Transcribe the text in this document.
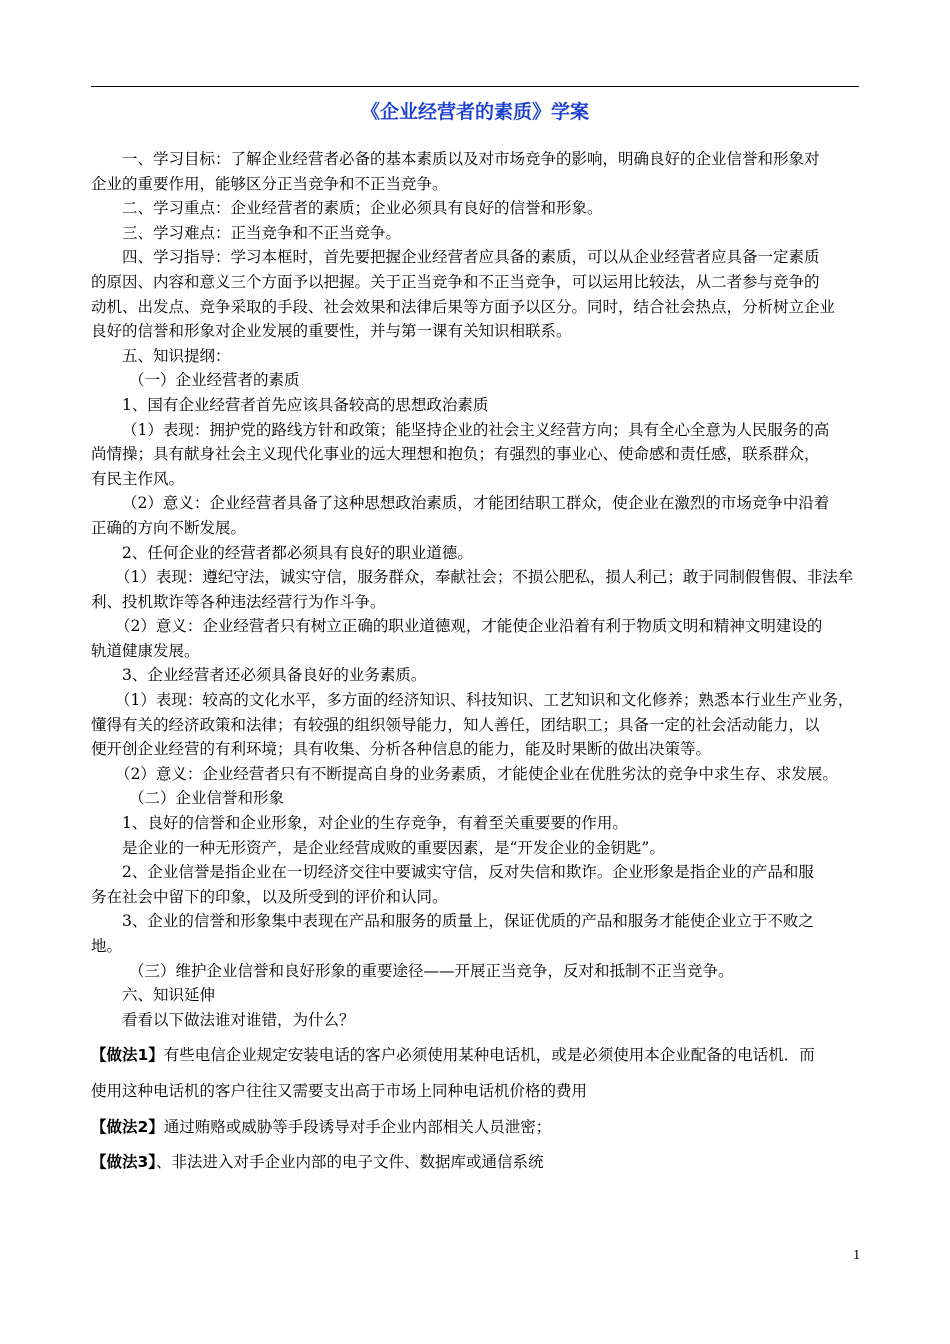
《企业经营者的素质》学案

一、学习目标：了解企业经营者必备的基本素质以及对市场竞争的影响，明确良好的企业信誉和形象对

企业的重要作用，能够区分正当竞争和不正当竞争。

二、学习重点：企业经营者的素质；企业必须具有良好的信誉和形象。

三、学习难点：正当竞争和不正当竞争。

四、学习指导：学习本框时，首先要把握企业经营者应具备的素质，可以从企业经营者应具备一定素质

的原因、内容和意义三个方面予以把握。关于正当竞争和不正当竞争，可以运用比较法，从二者参与竞争的

动机、出发点、竞争采取的手段、社会效果和法律后果等方面予以区分。同时，结合社会热点，分析树立企业

良好的信誉和形象对企业发展的重要性，并与第一课有关知识相联系。

五、知识提纲：

（一）企业经营者的素质

1、国有企业经营者首先应该具备较高的思想政治素质

（1）表现：拥护党的路线方针和政策；能坚持企业的社会主义经营方向；具有全心全意为人民服务的高

尚情操；具有献身社会主义现代化事业的远大理想和抱负；有强烈的事业心、使命感和责任感，联系群众，

有民主作风。

（2）意义：企业经营者具备了这种思想政治素质，才能团结职工群众，使企业在激烈的市场竞争中沿着

正确的方向不断发展。

2、任何企业的经营者都必须具有良好的职业道德。

（1）表现：遵纪守法，诚实守信，服务群众，奉献社会；不损公肥私，损人利己；敢于同制假售假、非法牟

利、投机欺诈等各种违法经营行为作斗争。

（2）意义：企业经营者只有树立正确的职业道德观，才能使企业沿着有利于物质文明和精神文明建设的

轨道健康发展。

3、企业经营者还必须具备良好的业务素质。

（1）表现：较高的文化水平，多方面的经济知识、科技知识、工艺知识和文化修养；熟悉本行业生产业务，

懂得有关的经济政策和法律；有较强的组织领导能力，知人善任，团结职工；具备一定的社会活动能力，以

便开创企业经营的有利环境；具有收集、分析各种信息的能力，能及时果断的做出决策等。

（2）意义：企业经营者只有不断提高自身的业务素质，才能使企业在优胜劣汰的竞争中求生存、求发展。

（二）企业信誉和形象

1、良好的信誉和企业形象，对企业的生存竞争，有着至关重要要的作用。

是企业的一种无形资产，是企业经营成败的重要因素，是“开发企业的金钥匙”。

2、企业信誉是指企业在一切经济交往中要诚实守信，反对失信和欺诈。企业形象是指企业的产品和服

务在社会中留下的印象，以及所受到的评价和认同。

3、企业的信誉和形象集中表现在产品和服务的质量上，保证优质的产品和服务才能使企业立于不败之

地。

（三）维护企业信誉和良好形象的重要途径——开展正当竞争，反对和抵制不正当竞争。

六、知识延伸

看看以下做法谁对谁错，为什么？

【做法1】有些电信企业规定安装电话的客户必须使用某种电话机，或是必须使用本企业配备的电话机．而

使用这种电话机的客户往往又需要支出高于市场上同种电话机价格的费用

【做法2】通过贿赂或威胁等手段诱导对手企业内部相关人员泄密；

【做法3】、非法进入对手企业内部的电子文件、数据库或通信系统

1
